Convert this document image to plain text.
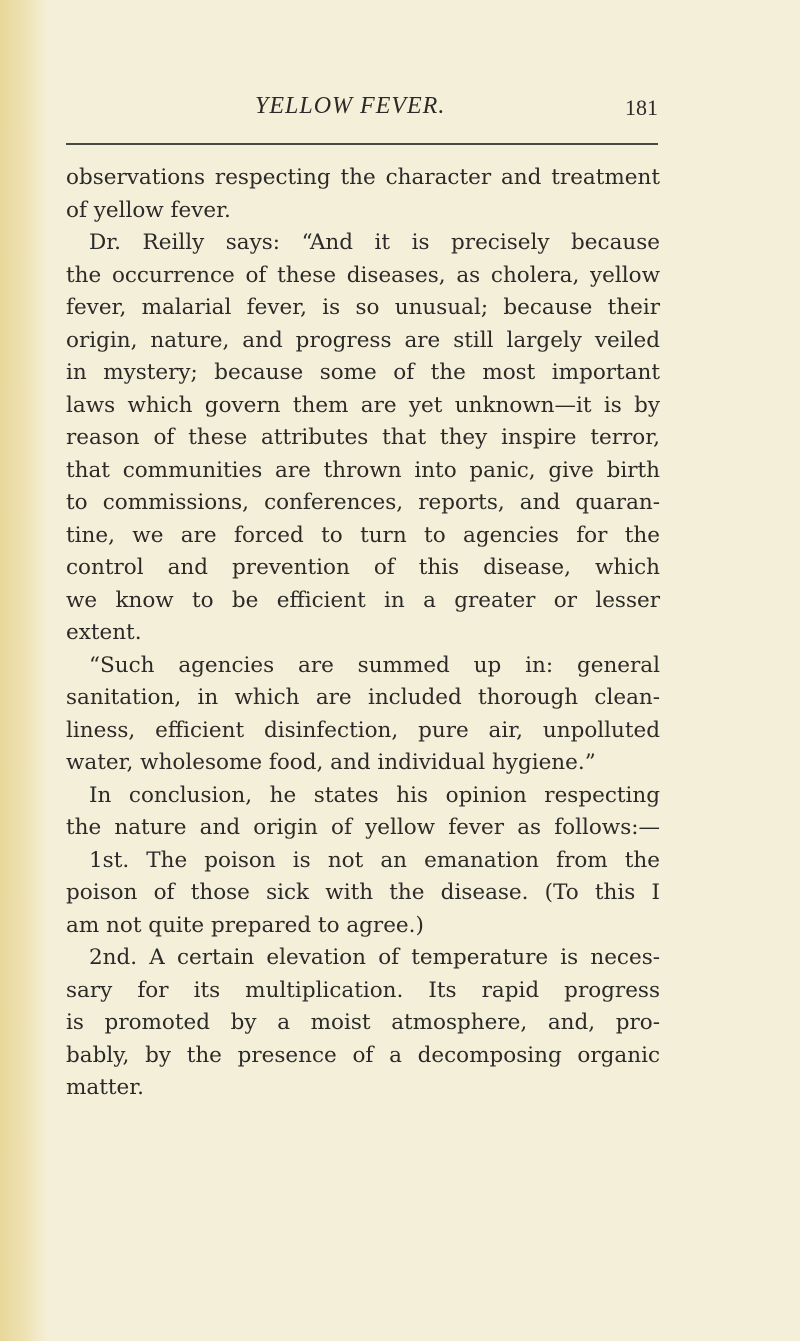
YELLOW FEVER.	181
observations respecting the character and treatment
of yellow fever.
Dr. Reilly says: “And it is precisely because
the occurrence of these diseases, as cholera, yellow
fever, malarial fever, is so unusual; because their
origin, nature, and progress are still largely veiled
in mystery; because some of the most important
laws which govern them are yet unknown—it is by
reason of these attributes that they inspire terror,
that communities are thrown into panic, give birth
to commissions, conferences, reports, and quaran-
tine, we are forced to turn to agencies for the
control and prevention of this disease, which
we know to be efficient in a greater or lesser
extent.
“Such agencies are summed up in: general
sanitation, in which are included thorough clean-
liness, efficient disinfection, pure air, unpolluted
water, wholesome food, and individual hygiene.”
In conclusion, he states his opinion respecting
the nature and origin of yellow fever as follows:—
1st. The poison is not an emanation from the
poison of those sick with the disease. (To this I
am not quite prepared to agree.)
2nd. A certain elevation of temperature is neces-
sary for its multiplication. Its rapid progress
is promoted by a moist atmosphere, and, pro-
bably, by the presence of a decomposing organic
matter.
